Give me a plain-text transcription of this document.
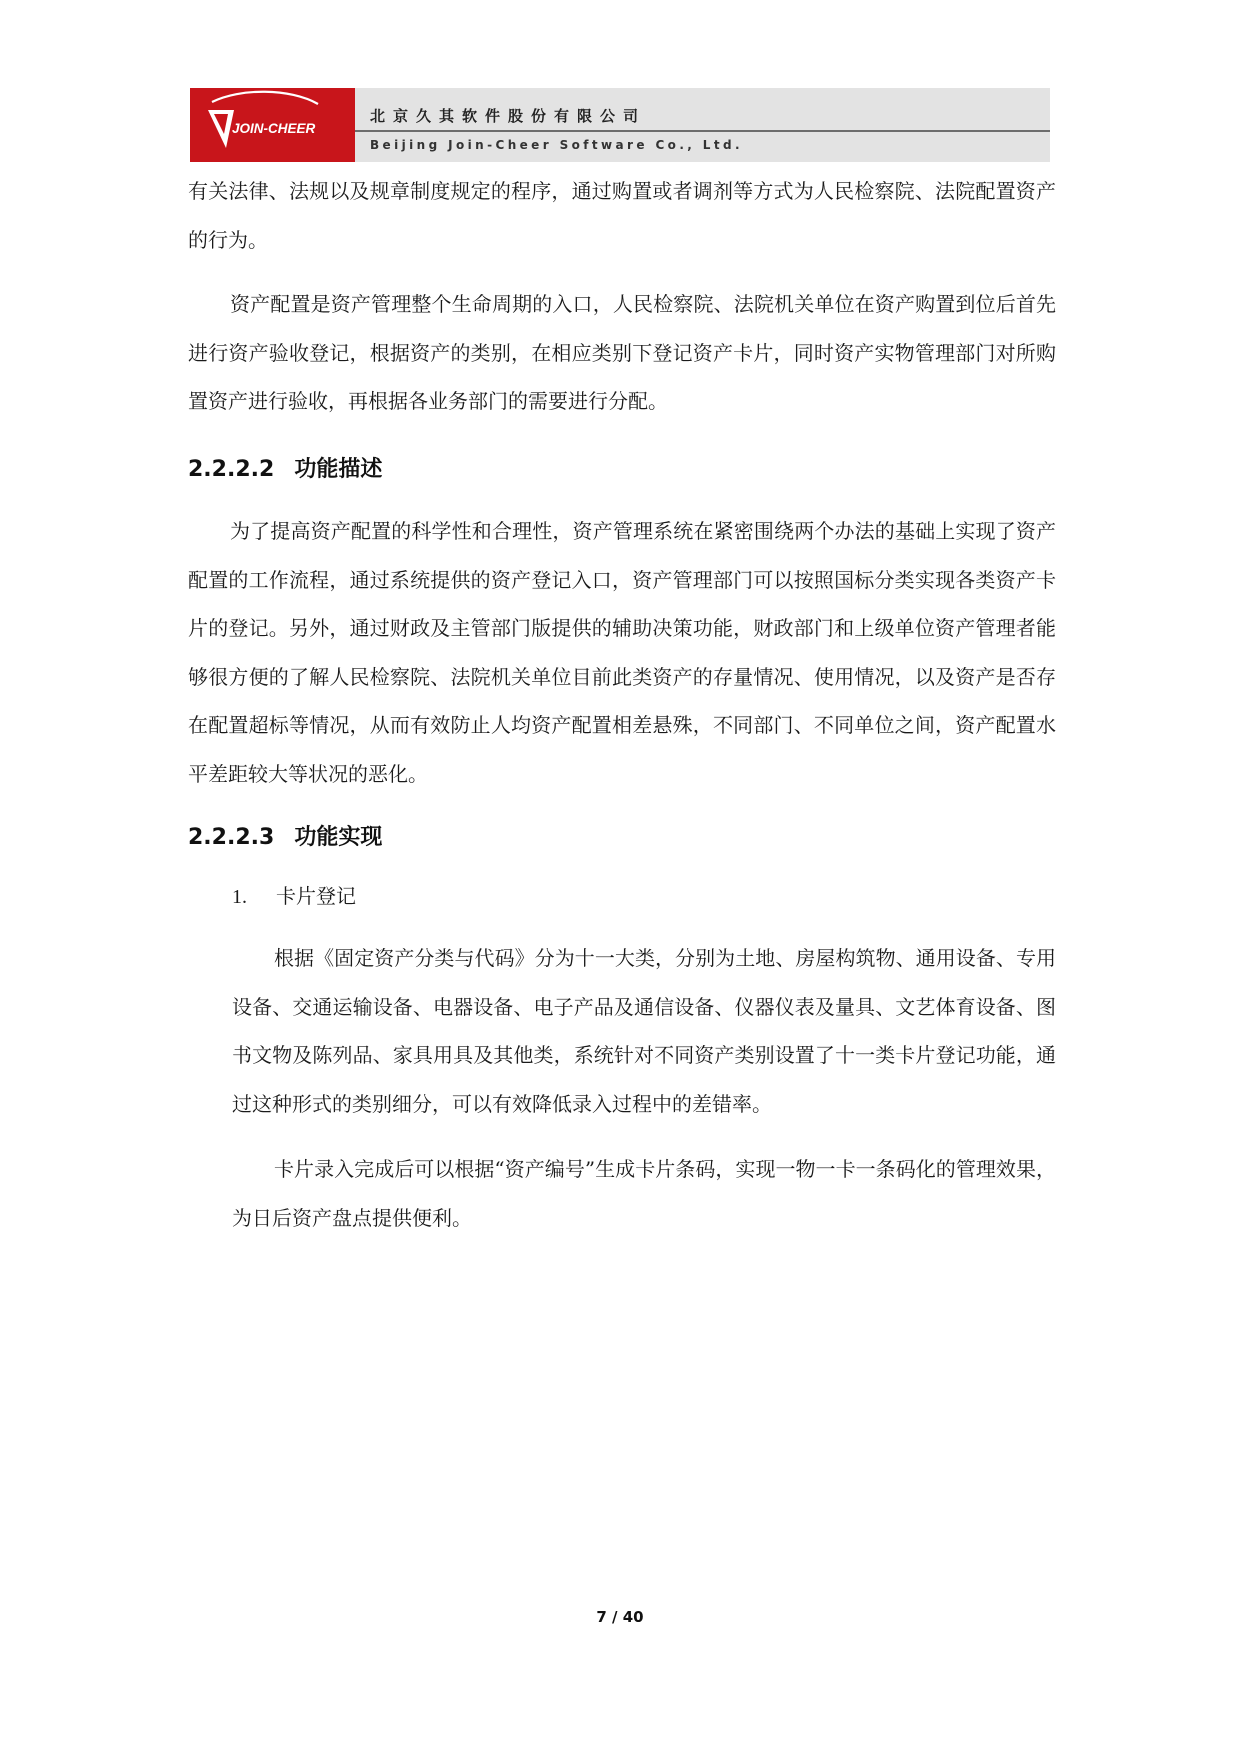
JOIN-CHEER
北京久其软件股份有限公司
Beijing Join-Cheer Software Co., Ltd.

有关法律、法规以及规章制度规定的程序，通过购置或者调剂等方式为人民检察院、法院配置资产的行为。

资产配置是资产管理整个生命周期的入口，人民检察院、法院机关单位在资产购置到位后首先进行资产验收登记，根据资产的类别，在相应类别下登记资产卡片，同时资产实物管理部门对所购置资产进行验收，再根据各业务部门的需要进行分配。

2.2.2.2 功能描述

为了提高资产配置的科学性和合理性，资产管理系统在紧密围绕两个办法的基础上实现了资产配置的工作流程，通过系统提供的资产登记入口，资产管理部门可以按照国标分类实现各类资产卡片的登记。另外，通过财政及主管部门版提供的辅助决策功能，财政部门和上级单位资产管理者能够很方便的了解人民检察院、法院机关单位目前此类资产的存量情况、使用情况，以及资产是否存在配置超标等情况，从而有效防止人均资产配置相差悬殊，不同部门、不同单位之间，资产配置水平差距较大等状况的恶化。

2.2.2.3 功能实现
1. 卡片登记

根据《固定资产分类与代码》分为十一大类，分别为土地、房屋构筑物、通用设备、专用设备、交通运输设备、电器设备、电子产品及通信设备、仪器仪表及量具、文艺体育设备、图书文物及陈列品、家具用具及其他类，系统针对不同资产类别设置了十一类卡片登记功能，通过这种形式的类别细分，可以有效降低录入过程中的差错率。

卡片录入完成后可以根据“资产编号”生成卡片条码，实现一物一卡一条码化的管理效果，为日后资产盘点提供便利。

7 / 40
